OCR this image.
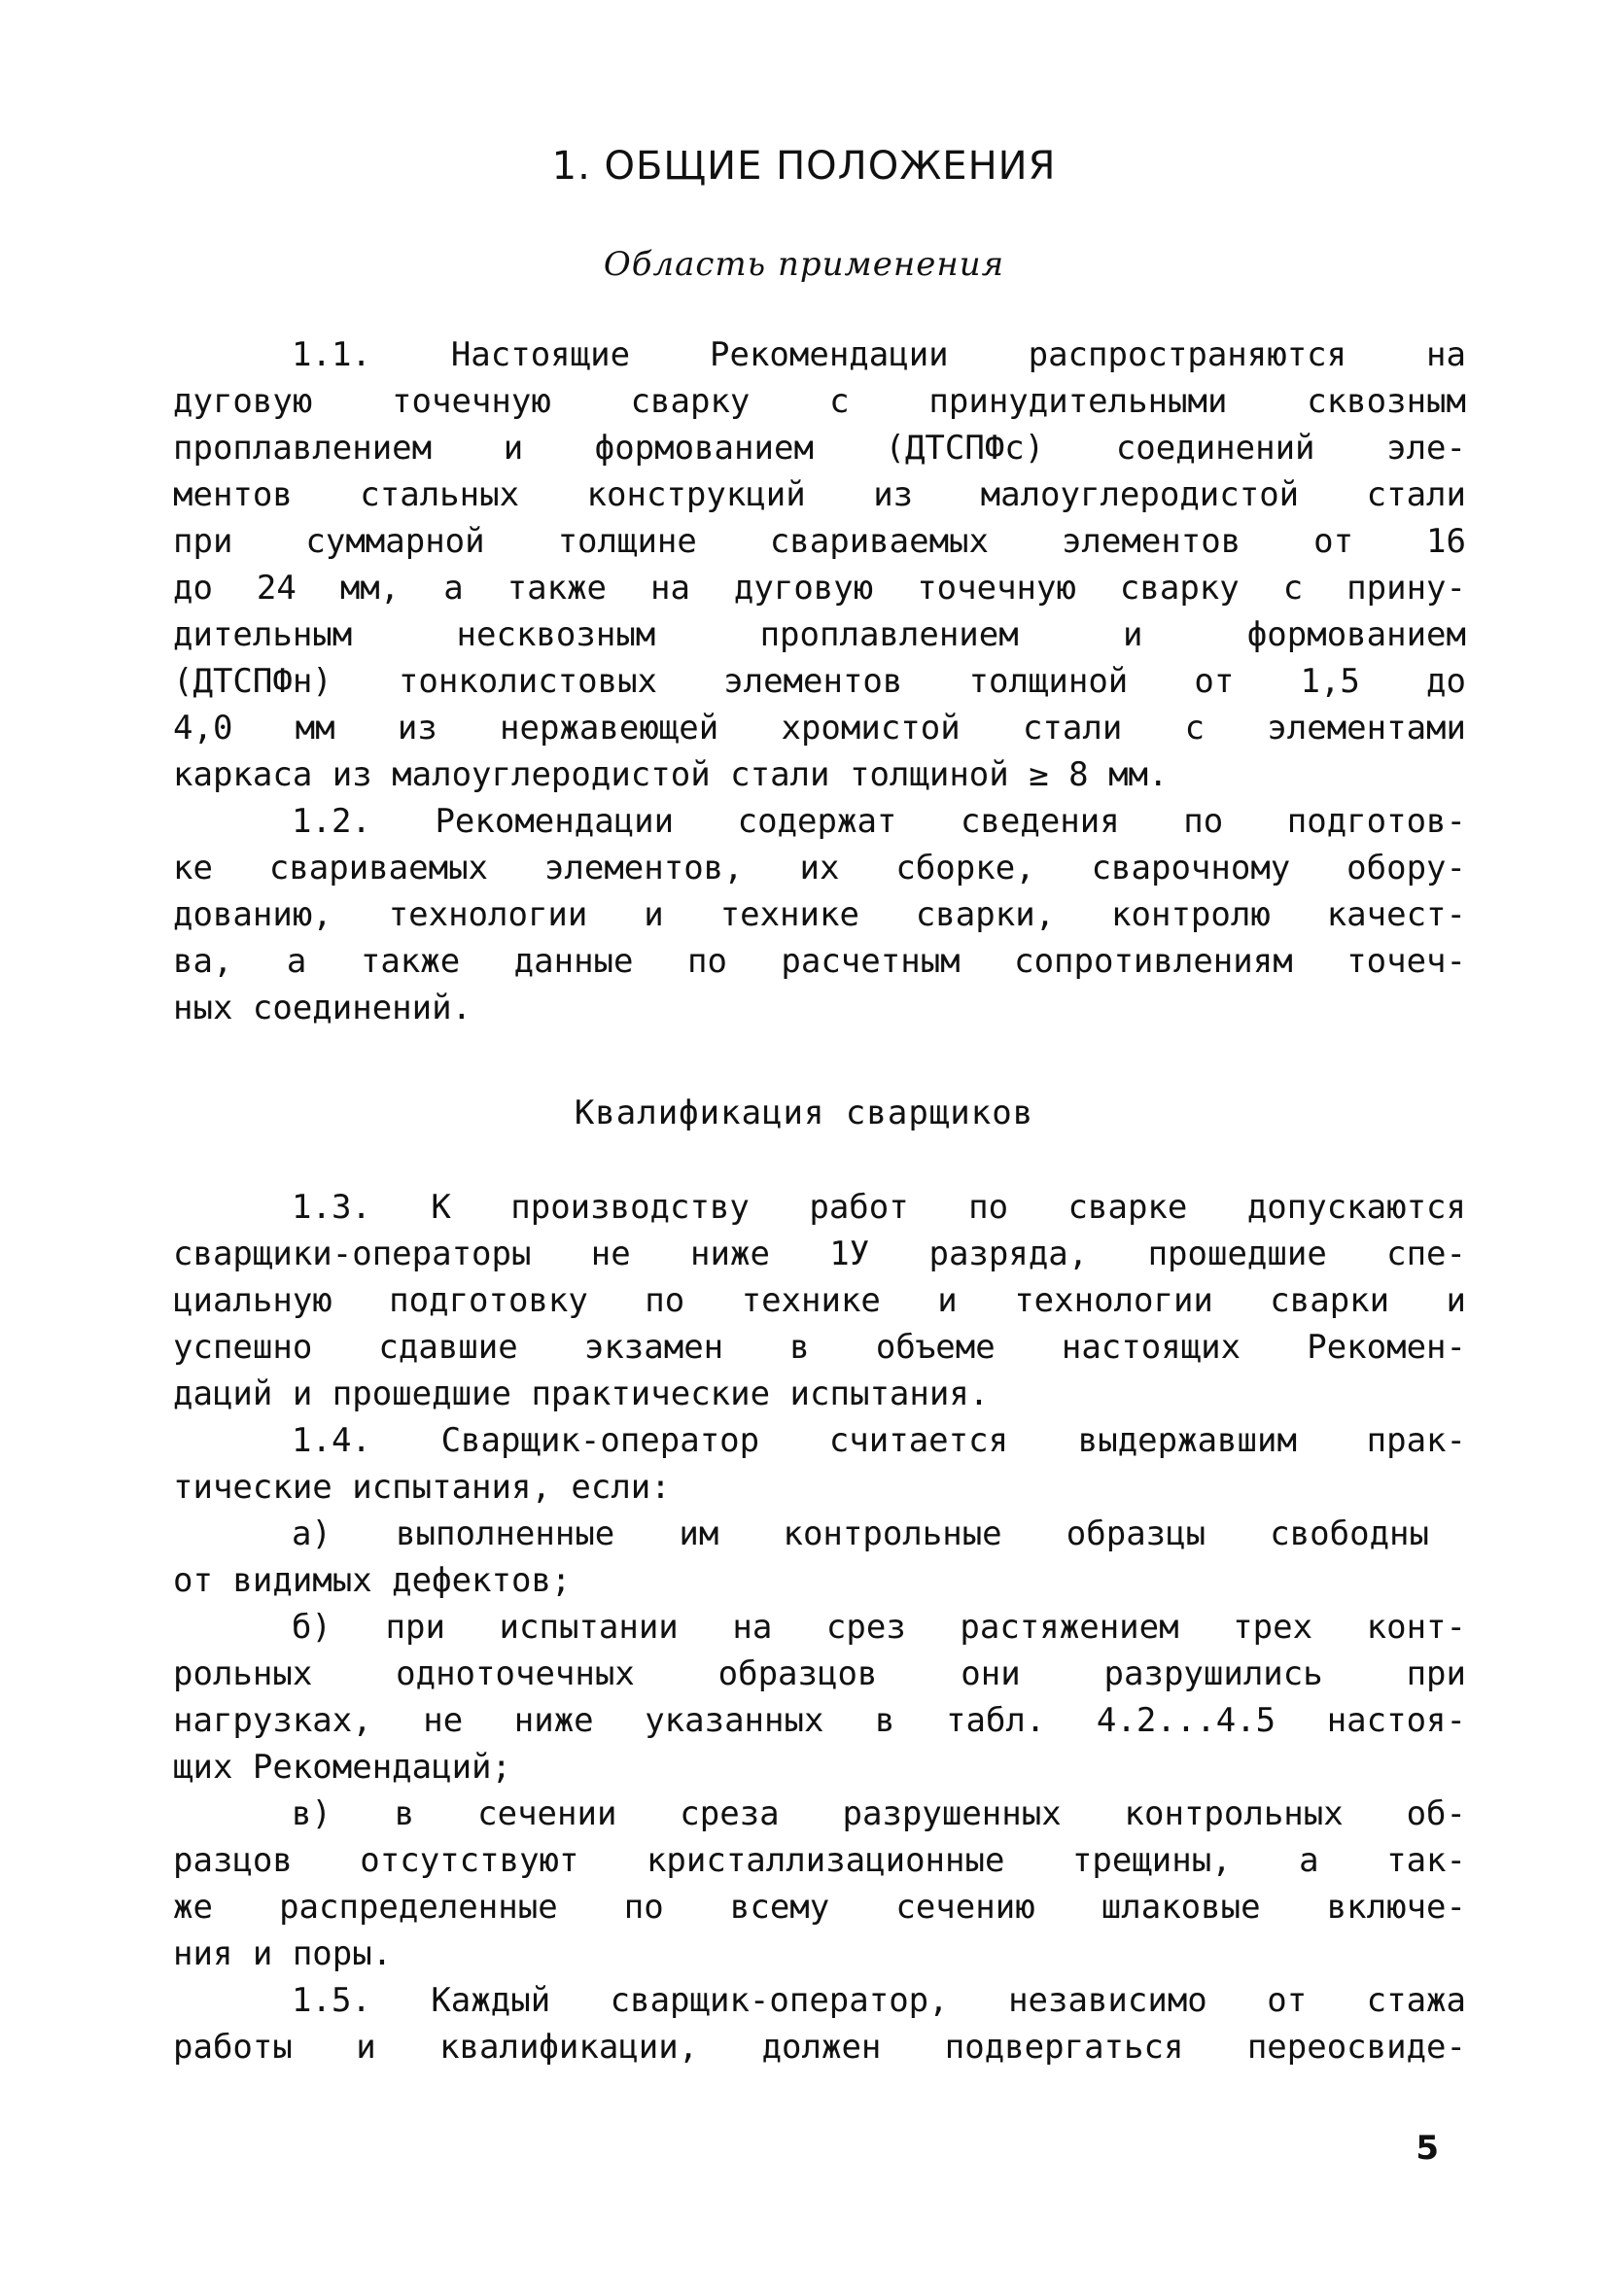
1. ОБЩИЕ ПОЛОЖЕНИЯ
Область применения
1.1. Настоящие Рекомендации распространяются на
дуговую точечную сварку с принудительными сквозным
проплавлением и формованием (ДТСПФс) соединений эле-
ментов стальных конструкций из малоуглеродистой стали
при суммарной толщине свариваемых элементов от 16
до 24 мм, а также на дуговую точечную сварку с прину-
дительным несквозным проплавлением и формованием
(ДТСПФн) тонколистовых элементов толщиной от 1,5 до
4,0 мм из нержавеющей хромистой стали с элементами
каркаса из малоуглеродистой стали толщиной ≥ 8 мм.
1.2. Рекомендации содержат сведения по подготов-
ке свариваемых элементов, их сборке, сварочному обору-
дованию, технологии и технике сварки, контролю качест-
ва, а также данные по расчетным сопротивлениям точеч-
ных соединений.
Квалификация сварщиков
1.3. К производству работ по сварке допускаются
сварщики-операторы не ниже 1У разряда, прошедшие спе-
циальную подготовку по технике и технологии сварки и
успешно сдавшие экзамен в объеме настоящих Рекомен-
даций и прошедшие практические испытания.
1.4. Сварщик-оператор считается выдержавшим прак-
тические испытания, если:
а) выполненные им контрольные образцы свободны
от видимых дефектов;
б) при испытании на срез растяжением трех конт-
рольных одноточечных образцов они разрушились при
нагрузках, не ниже указанных в табл. 4.2...4.5 настоя-
щих Рекомендаций;
в) в сечении среза разрушенных контрольных об-
разцов отсутствуют кристаллизационные трещины, а так-
же распределенные по всему сечению шлаковые включе-
ния и поры.
1.5. Каждый сварщик-оператор, независимо от стажа
работы и квалификации, должен подвергаться переосвиде-
5
